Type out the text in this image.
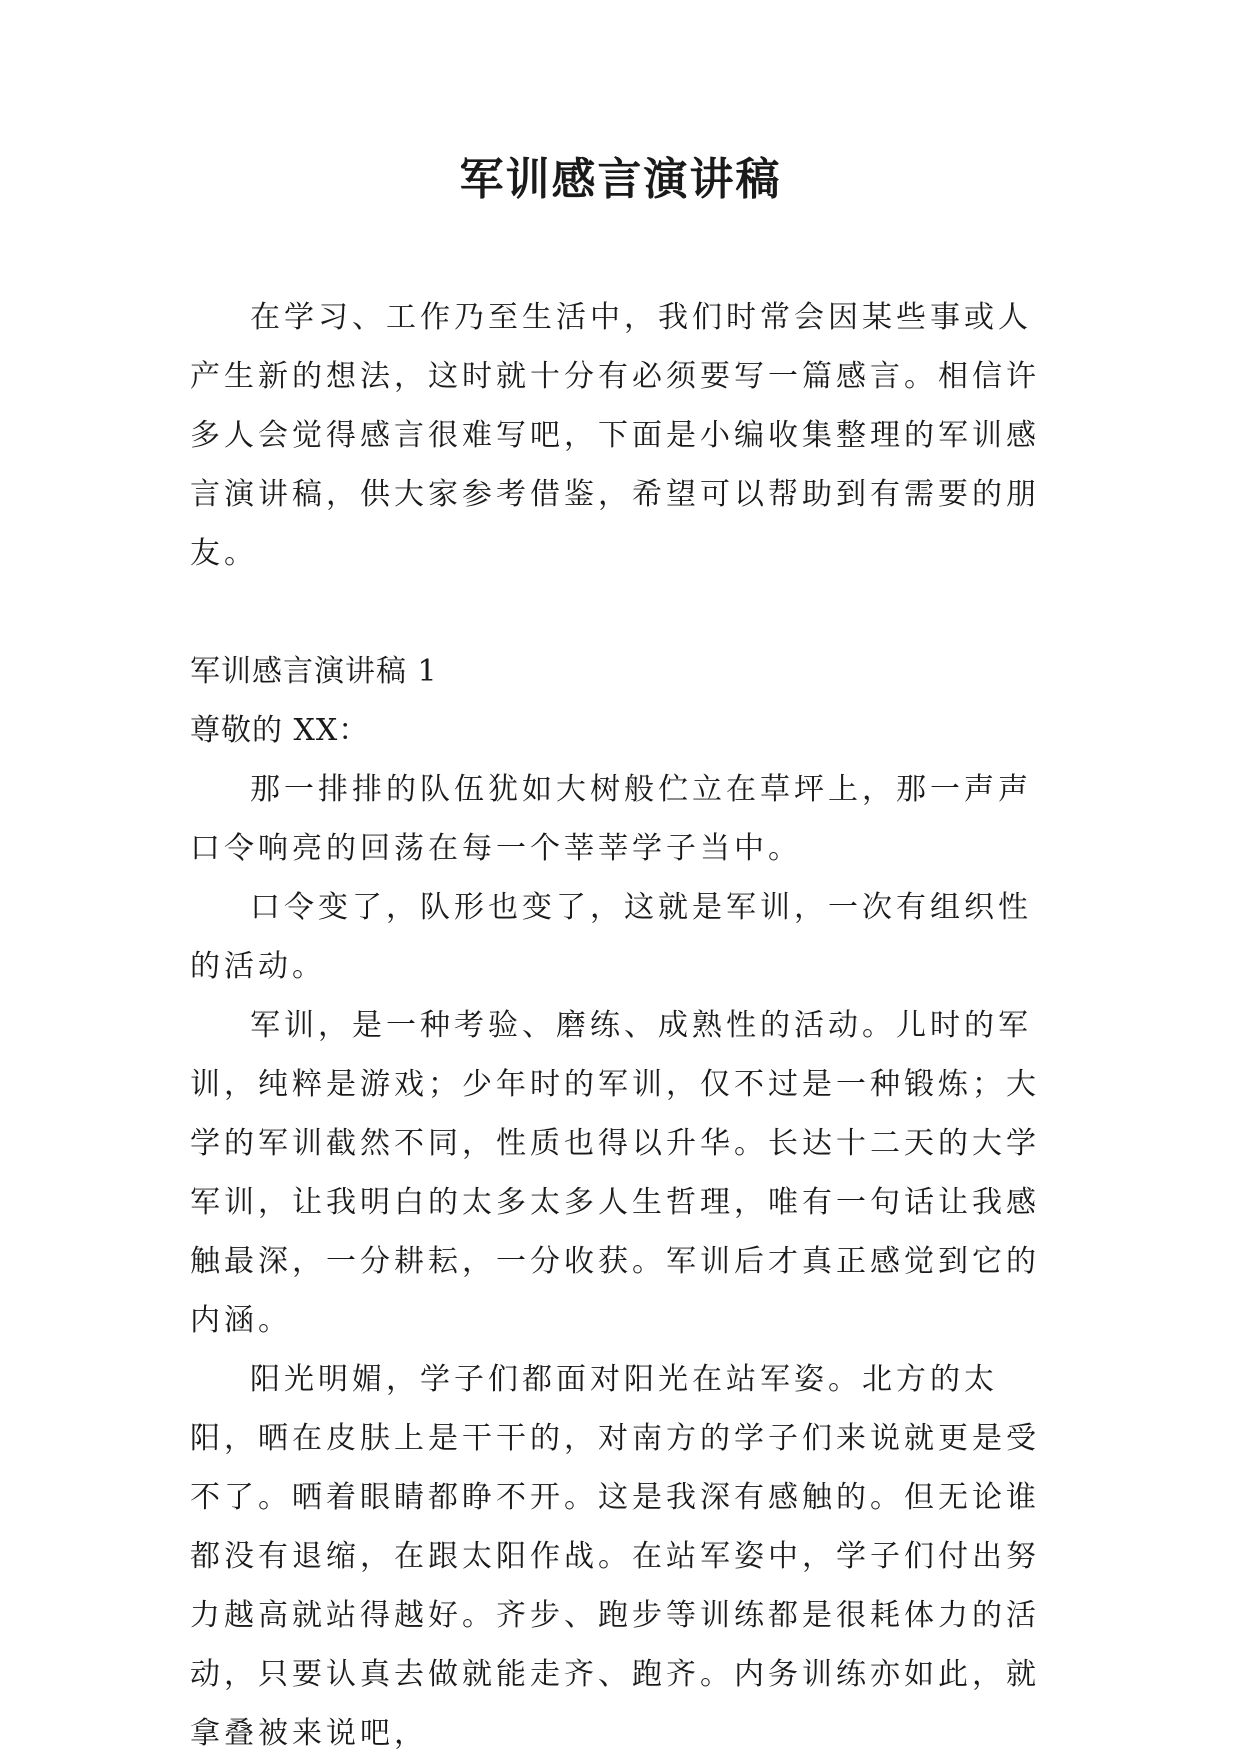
军训感言演讲稿

在学习、工作乃至生活中，我们时常会因某些事或人产生新的想法，这时就十分有必须要写一篇感言。相信许多人会觉得感言很难写吧，下面是小编收集整理的军训感言演讲稿，供大家参考借鉴，希望可以帮助到有需要的朋友。

军训感言演讲稿 1

尊敬的 XX：

那一排排的队伍犹如大树般伫立在草坪上，那一声声口令响亮的回荡在每一个莘莘学子当中。

口令变了，队形也变了，这就是军训，一次有组织性的活动。

军训，是一种考验、磨练、成熟性的活动。儿时的军训，纯粹是游戏；少年时的军训，仅不过是一种锻炼；大学的军训截然不同，性质也得以升华。长达十二天的大学军训，让我明白的太多太多人生哲理，唯有一句话让我感触最深，一分耕耘，一分收获。军训后才真正感觉到它的内涵。

阳光明媚，学子们都面对阳光在站军姿。北方的太阳，晒在皮肤上是干干的，对南方的学子们来说就更是受不了。晒着眼睛都睁不开。这是我深有感触的。但无论谁都没有退缩，在跟太阳作战。在站军姿中，学子们付出努力越高就站得越好。齐步、跑步等训练都是很耗体力的活动，只要认真去做就能走齐、跑齐。内务训练亦如此，就拿叠被来说吧，
